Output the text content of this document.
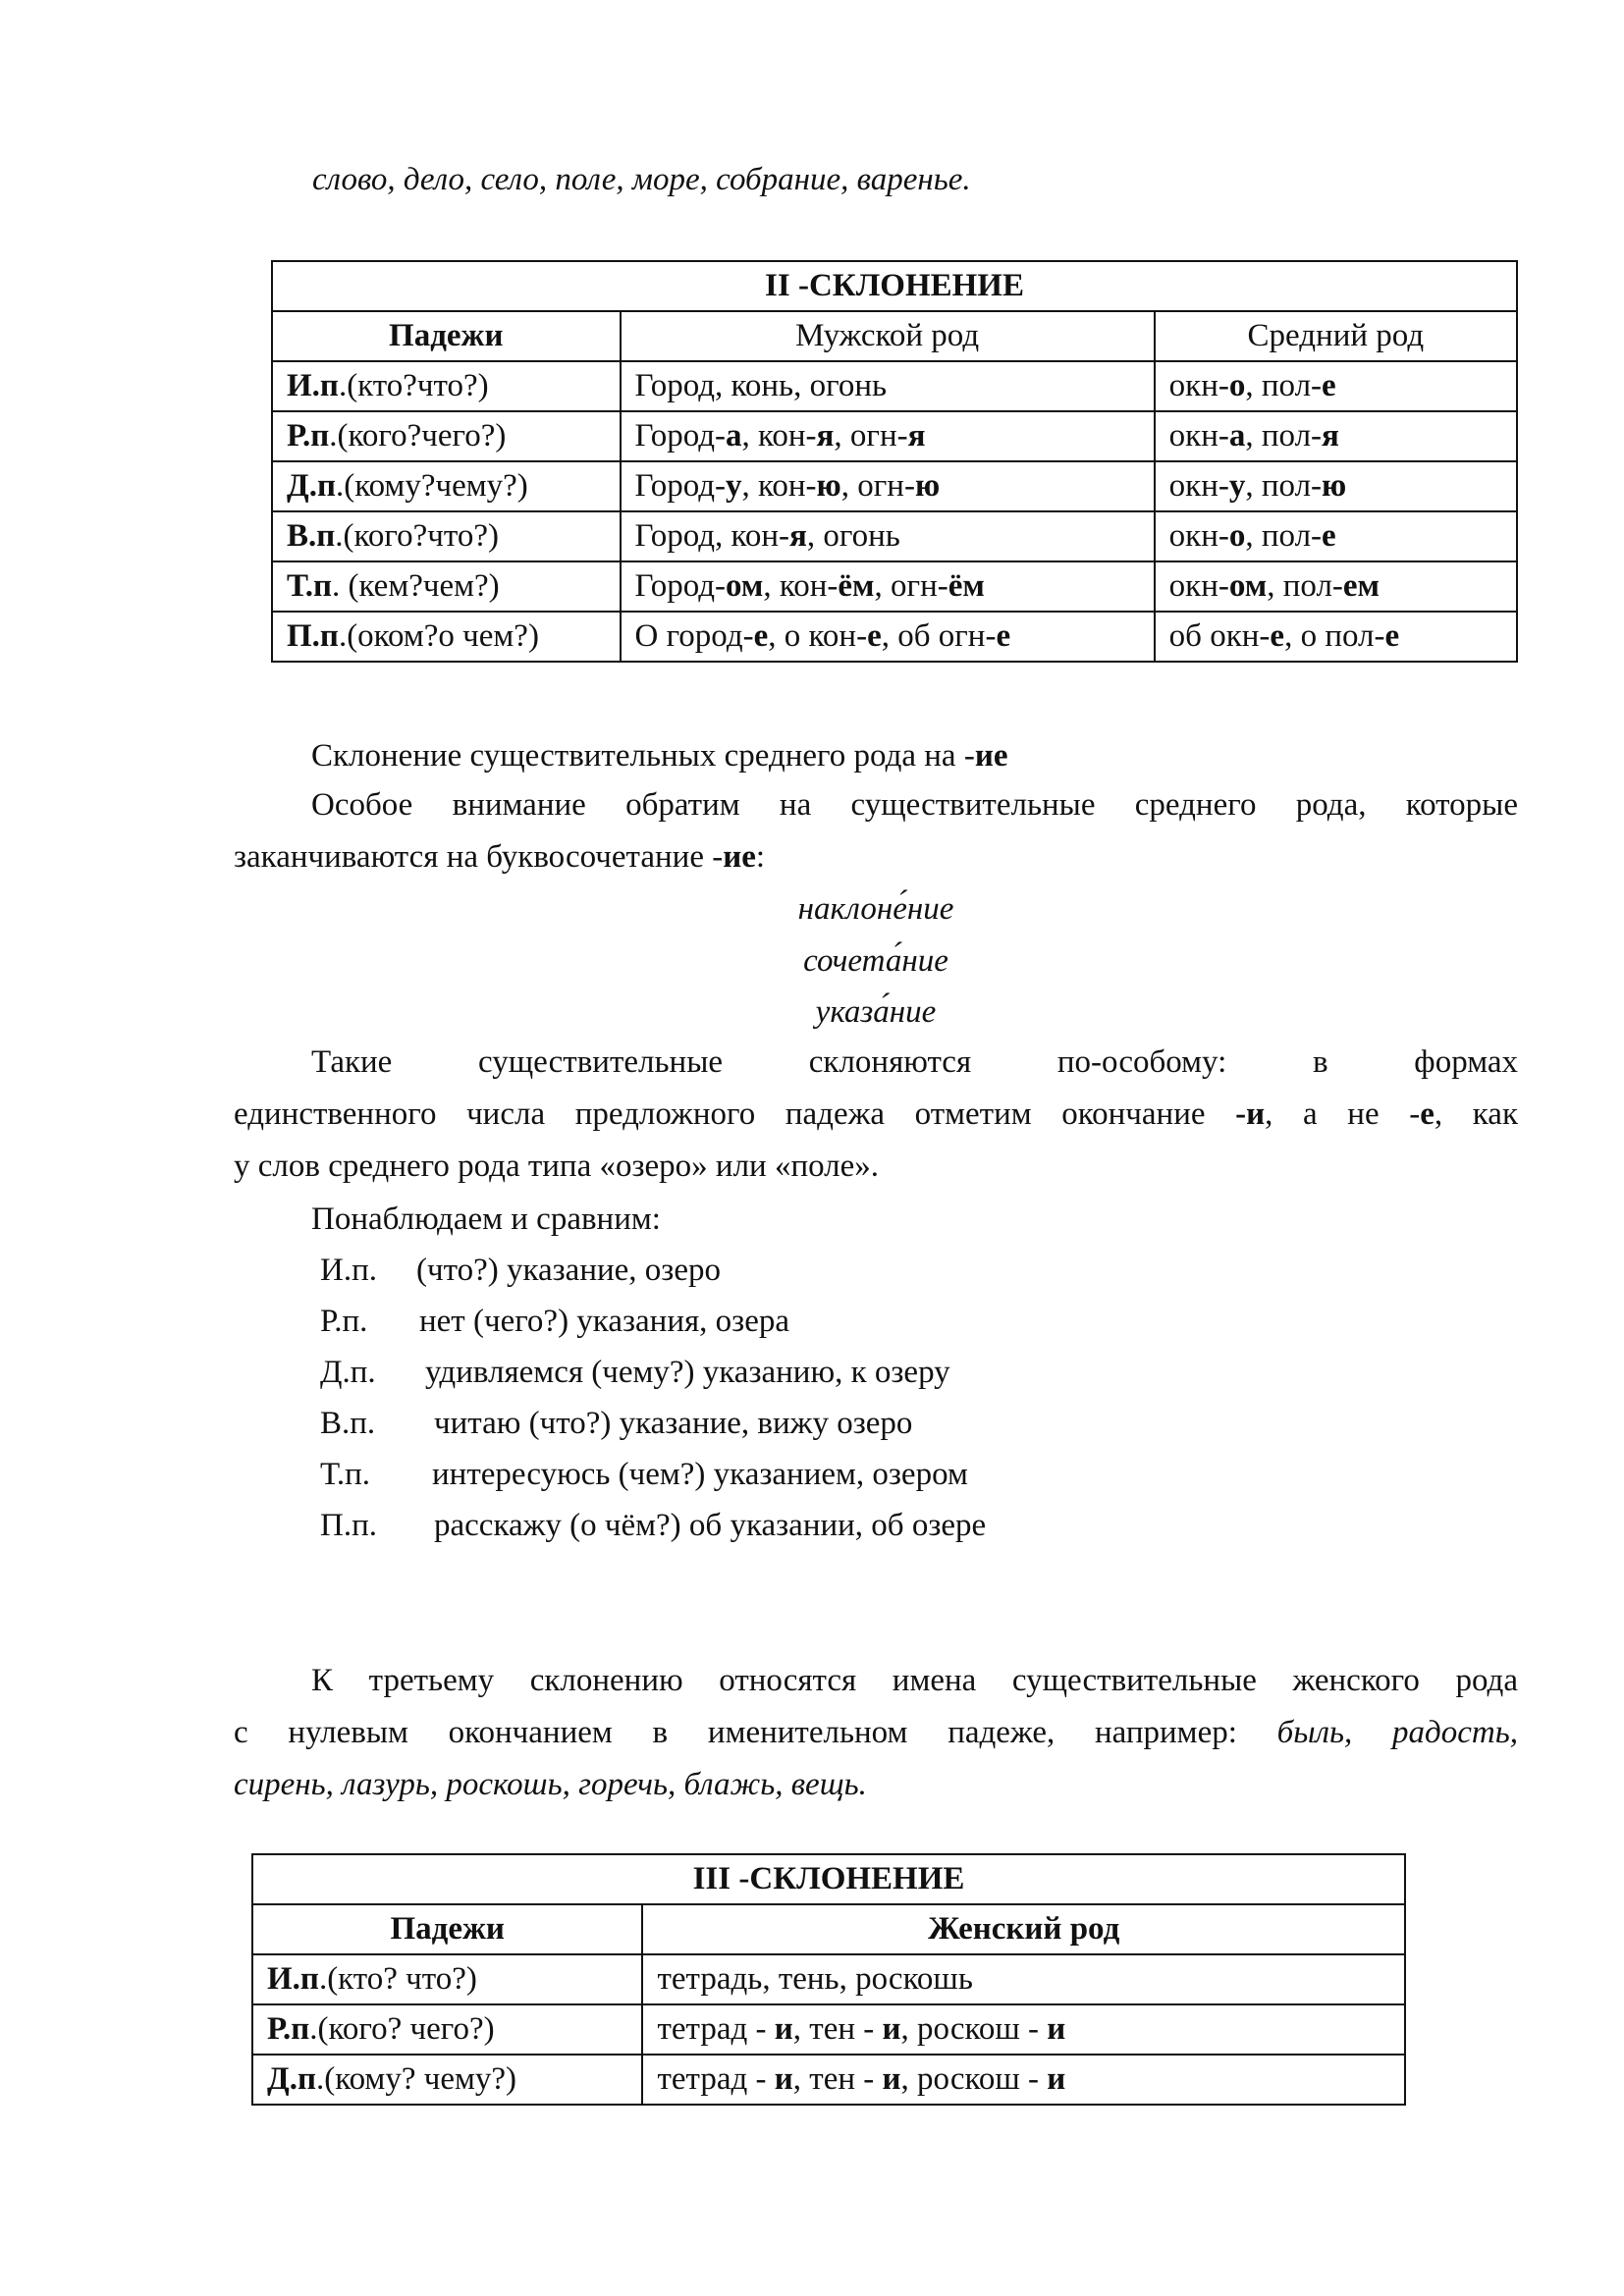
слово, дело, село, поле, море, собрание, варенье.
II -СКЛОНЕНИЕ		
Падежи	Мужской род	Средний род
И.п.(кто?что?)	Город, конь, огонь	окн-о, пол-е
Р.п.(кого?чего?)	Город-а, кон-я, огн-я	окн-а, пол-я
Д.п.(кому?чему?)	Город-у, кон-ю, огн-ю	окн-у, пол-ю
В.п.(кого?что?)	Город, кон-я, огонь	окн-о, пол-е
Т.п. (кем?чем?)	Город-ом, кон-ём, огн-ём	окн-ом, пол-ем
П.п.(оком?о чем?)	О город-е, о кон-е, об огн-е	об окн-е, о пол-е
Склонение существительных среднего рода на -ие
Особое внимание обратим на существительные среднего рода, которые
заканчиваются на буквосочетание -ие:
наклоне́ние
сочета́ние
указа́ние
Такие существительные склоняются по-особому: в формах
единственного числа предложного падежа отметим окончание -и, а не -е, как
у слов среднего рода типа «озеро» или «поле».
Понаблюдаем и сравним:
И.п. (что?) указание, озеро
Р.п. нет (чего?) указания, озера
Д.п. удивляемся (чему?) указанию, к озеру
В.п. читаю (что?) указание, вижу озеро
Т.п. интересуюсь (чем?) указанием, озером
П.п. расскажу (о чём?) об указании, об озере
К третьему склонению относятся имена существительные женского рода
с нулевым окончанием в именительном падеже, например: быль, радость,
сирень, лазурь, роскошь, горечь, блажь, вещь.
III -СКЛОНЕНИЕ	
Падежи	Женский род
И.п.(кто? что?)	тетрадь, тень, роскошь
Р.п.(кого? чего?)	тетрад - и, тен - и, роскош - и
Д.п.(кому? чему?)	тетрад - и, тен - и, роскош - и
